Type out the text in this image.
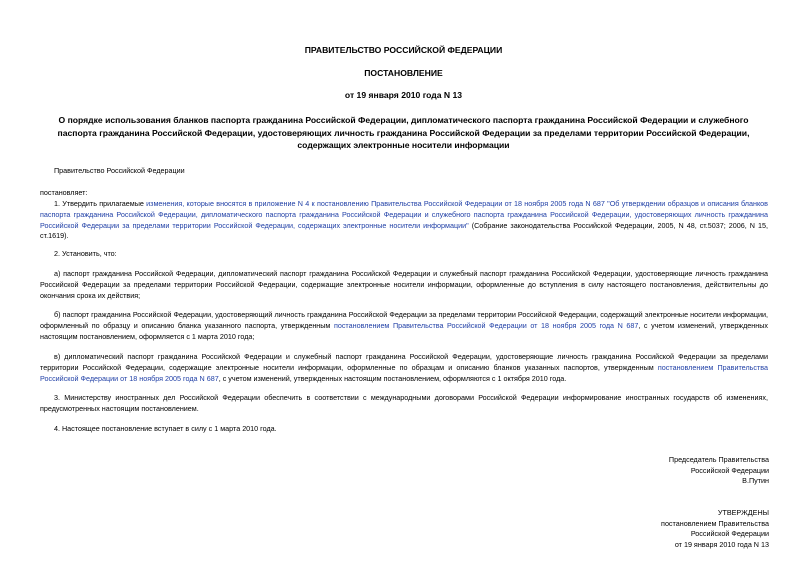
ПРАВИТЕЛЬСТВО РОССИЙСКОЙ ФЕДЕРАЦИИ
ПОСТАНОВЛЕНИЕ
от 19 января 2010 года N 13
О порядке использования бланков паспорта гражданина Российской Федерации, дипломатического паспорта гражданина Российской Федерации и служебного паспорта гражданина Российской Федерации, удостоверяющих личность гражданина Российской Федерации за пределами территории Российской Федерации, содержащих электронные носители информации
Правительство Российской Федерации
постановляет:
1. Утвердить прилагаемые изменения, которые вносятся в приложение N 4 к постановлению Правительства Российской Федерации от 18 ноября 2005 года N 687 "Об утверждении образцов и описания бланков паспорта гражданина Российской Федерации, дипломатического паспорта гражданина Российской Федерации и служебного паспорта гражданина Российской Федерации, удостоверяющих личность гражданина Российской Федерации за пределами территории Российской Федерации, содержащих электронные носители информации" (Собрание законодательства Российской Федерации, 2005, N 48, ст.5037; 2006, N 15, ст.1619).
2. Установить, что:
а) паспорт гражданина Российской Федерации, дипломатический паспорт гражданина Российской Федерации и служебный паспорт гражданина Российской Федерации, удостоверяющие личность гражданина Российской Федерации за пределами территории Российской Федерации, содержащие электронные носители информации, оформленные до вступления в силу настоящего постановления, действительны до окончания срока их действия;
б) паспорт гражданина Российской Федерации, удостоверяющий личность гражданина Российской Федерации за пределами территории Российской Федерации, содержащий электронные носители информации, оформленный по образцу и описанию бланка указанного паспорта, утвержденным постановлением Правительства Российской Федерации от 18 ноября 2005 года N 687, с учетом изменений, утвержденных настоящим постановлением, оформляется с 1 марта 2010 года;
в) дипломатический паспорт гражданина Российской Федерации и служебный паспорт гражданина Российской Федерации, удостоверяющие личность гражданина Российской Федерации за пределами территории Российской Федерации, содержащие электронные носители информации, оформленные по образцам и описанию бланков указанных паспортов, утвержденным постановлением Правительства Российской Федерации от 18 ноября 2005 года N 687, с учетом изменений, утвержденных настоящим постановлением, оформляются с 1 октября 2010 года.
3. Министерству иностранных дел Российской Федерации обеспечить в соответствии с международными договорами Российской Федерации информирование иностранных государств об изменениях, предусмотренных настоящим постановлением.
4. Настоящее постановление вступает в силу с 1 марта 2010 года.
Председатель Правительства
Российской Федерации
В.Путин
УТВЕРЖДЕНЫ
постановлением Правительства
Российской Федерации
от 19 января 2010 года N 13
